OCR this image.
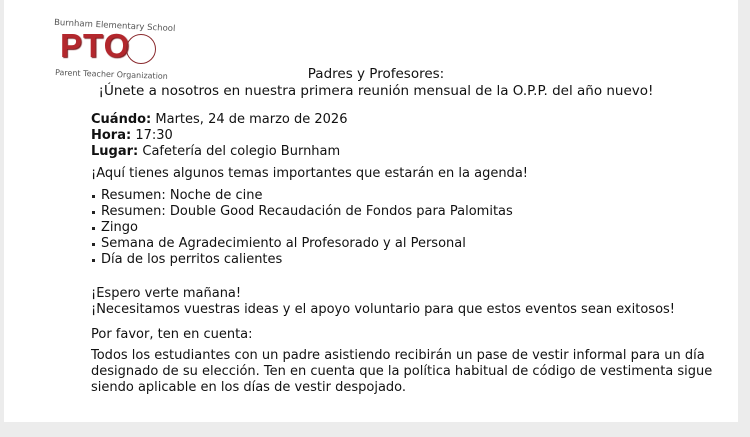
Burnham Elementary School
PTO
Parent Teacher Organization	Padres y Profesores:
¡Únete a nosotros en nuestra primera reunión mensual de la O.P.P. del año nuevo!

Cuándo: Martes, 24 de marzo de 2026

Hora: 17:30

Lugar: Cafetería del colegio Burnham

¡Aquí tienes algunos temas importantes que estarán en la agenda!

Resumen: Noche de cine
Resumen: Double Good Recaudación de Fondos para Palomitas
Zingo
Semana de Agradecimiento al Profesorado y al Personal
Día de los perritos calientes

¡Espero verte mañana!

¡Necesitamos vuestras ideas y el apoyo voluntario para que estos eventos sean exitosos!

Por favor, ten en cuenta:

Todos los estudiantes con un padre asistiendo recibirán un pase de vestir informal para un día designado de su elección. Ten en cuenta que la política habitual de código de vestimenta sigue siendo aplicable en los días de vestir despojado.
